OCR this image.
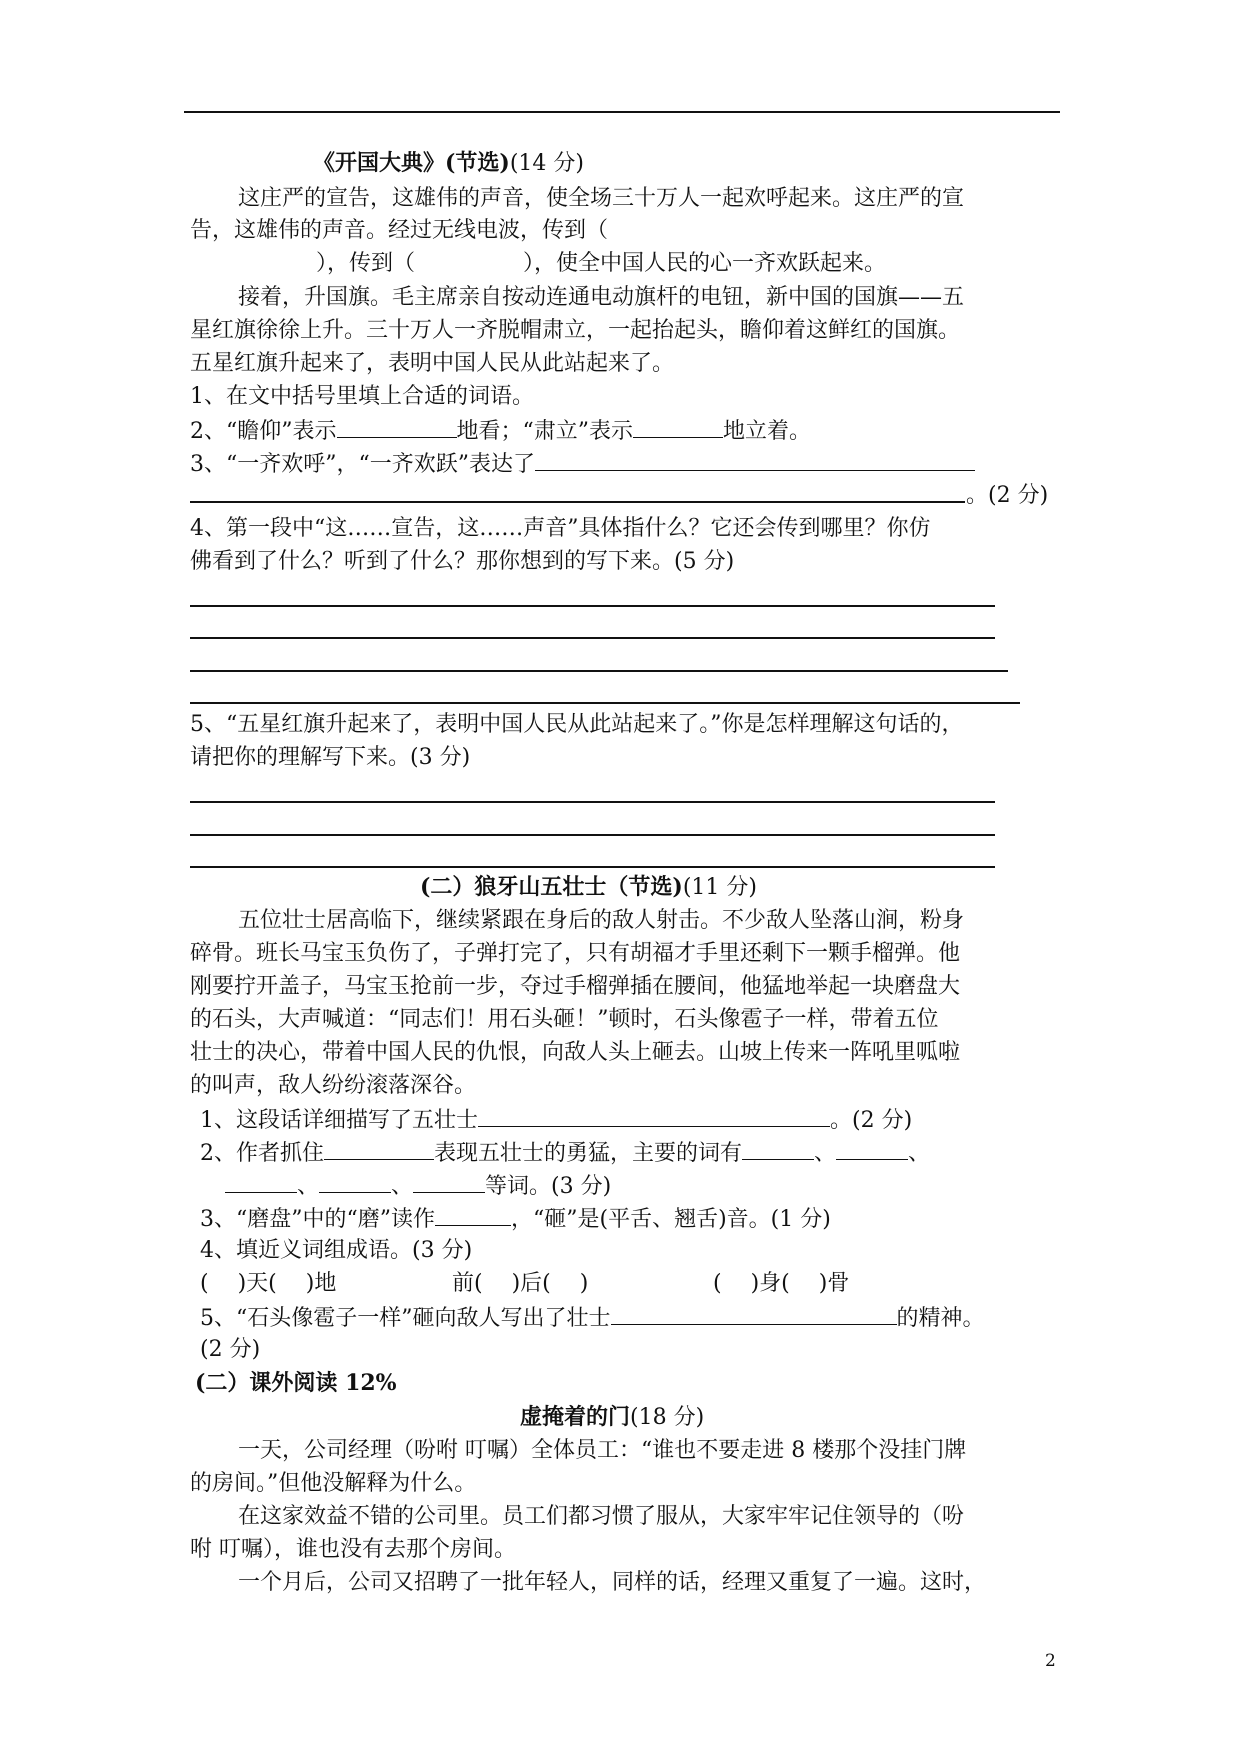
《开国大典》(节选)(14 分)
这庄严的宣告，这雄伟的声音，使全场三十万人一起欢呼起来。这庄严的宣
告，这雄伟的声音。经过无线电波，传到（
），传到（	），使全中国人民的心一齐欢跃起来。
接着，升国旗。毛主席亲自按动连通电动旗杆的电钮，新中国的国旗——五
星红旗徐徐上升。三十万人一齐脱帽肃立，一起抬起头，瞻仰着这鲜红的国旗。
五星红旗升起来了，表明中国人民从此站起来了。
1、在文中括号里填上合适的词语。
2、“瞻仰”表示	地看；“肃立”表示	地立着。
3、“一齐欢呼”，“一齐欢跃”表达了
。(2 分)
4、第一段中“这……宣告，这……声音”具体指什么？它还会传到哪里？你仿
佛看到了什么？听到了什么？那你想到的写下来。(5 分)
5、“五星红旗升起来了，表明中国人民从此站起来了。”你是怎样理解这句话的，
请把你的理解写下来。(3 分)
(二）狼牙山五壮士（节选)(11 分)
五位壮士居高临下，继续紧跟在身后的敌人射击。不少敌人坠落山涧，粉身
碎骨。班长马宝玉负伤了，子弹打完了，只有胡福才手里还剩下一颗手榴弹。他
刚要拧开盖子，马宝玉抢前一步，夺过手榴弹插在腰间，他猛地举起一块磨盘大
的石头，大声喊道：“同志们！用石头砸！”顿时，石头像雹子一样，带着五位
壮士的决心，带着中国人民的仇恨，向敌人头上砸去。山坡上传来一阵吼里呱啦
的叫声，敌人纷纷滚落深谷。
1、这段话详细描写了五壮士	。(2 分)
2、作者抓住	表现五壮士的勇猛，主要的词有	、	、
、	、	等词。(3 分)
3、“磨盘”中的“磨”读作	，“砸”是(平舌、翘舌)音。(1 分)
4、填近义词组成语。(3 分)
(　 )天(　 )地	前(　 )后(　 )	(　 )身(　 )骨
5、“石头像雹子一样”砸向敌人写出了壮士	的精神。
(2 分)
(二）课外阅读 12%
虚掩着的门(18 分)
一天，公司经理（吩咐 叮嘱）全体员工：“谁也不要走进 8 楼那个没挂门牌
的房间。”但他没解释为什么。
在这家效益不错的公司里。员工们都习惯了服从，大家牢牢记住领导的（吩
咐 叮嘱），谁也没有去那个房间。
一个月后，公司又招聘了一批年轻人，同样的话，经理又重复了一遍。这时，
2
